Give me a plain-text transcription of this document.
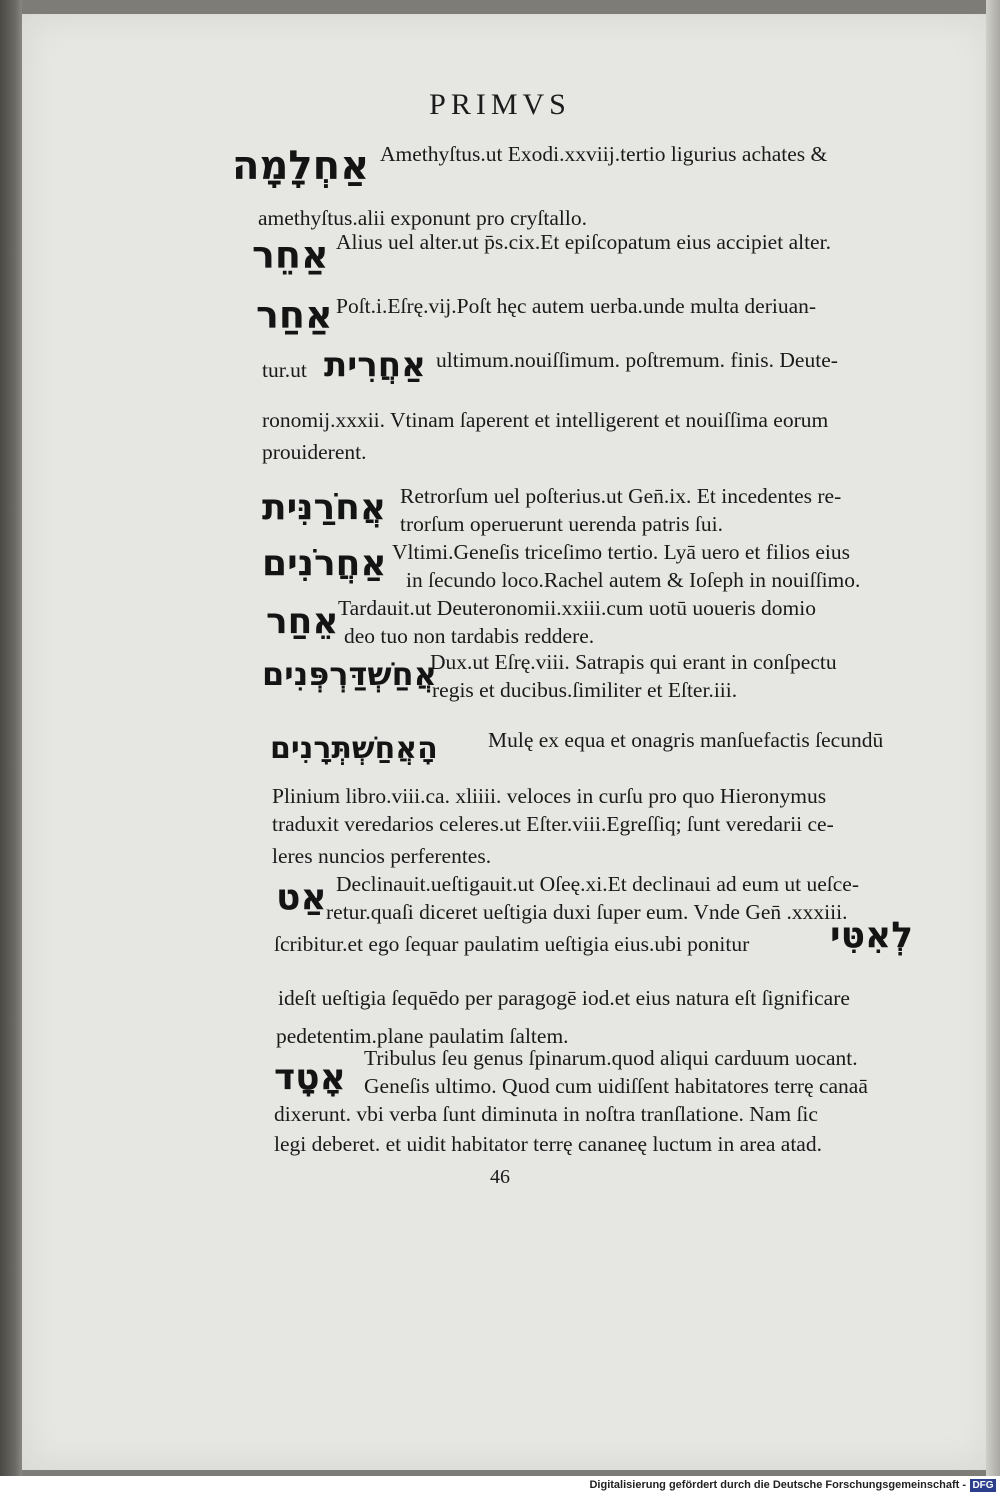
PRIMVS
אַחְלָמָה
אַחֵר
אַחַר
אַחֲרִית
אֲחֹרַנִּית
אַחֲרֹנִים
אֵחַר
אֲחַשְׁדַּרְפְּנִים
הָאֲחַשְׁתְּרָנִים
אַט
לְאִטִּי
אָטָד
Amethyſtus.ut Exodi.xxviij.tertio ligurius achates &
amethyſtus.alii exponunt pro cryſtallo.
Alius uel alter.ut p̄s.cix.Et epiſcopatum eius accipiet alter.
Poſt.i.Eſrę.vij.Poſt hęc autem uerba.unde multa deriuan-
tur.ut	ultimum.nouiſſimum. poſtremum. finis. Deute-
ronomij.xxxii. Vtinam ſaperent et intelligerent et nouiſſima eorum
prouiderent.
Retrorſum uel poſterius.ut Gen̄.ix. Et incedentes re-
trorſum operuerunt uerenda patris ſui.
Vltimi.Geneſis triceſimo tertio. Lyā uero et filios eius
in ſecundo loco.Rachel autem & Ioſeph in nouiſſimo.
Tardauit.ut Deuteronomii.xxiii.cum uotū uoueris domio
deo tuo non tardabis reddere.
Dux.ut Eſrę.viii. Satrapis qui erant in conſpectu
regis et ducibus.ſimiliter et Eſter.iii.
Mulę ex equa et onagris manſuefactis ſecundū
Plinium libro.viii.ca. xliiii. veloces in curſu pro quo Hieronymus
traduxit veredarios celeres.ut Eſter.viii.Egreſſiq; ſunt veredarii ce-
leres nuncios perferentes.
Declinauit.ueſtigauit.ut Oſeę.xi.Et declinaui ad eum ut ueſce-
retur.quaſi diceret ueſtigia duxi ſuper eum. Vnde Gen̄ .xxxiii.
ſcribitur.et ego ſequar paulatim ueſtigia eius.ubi ponitur
ideſt ueſtigia ſequēdo per paragogē iod.et eius natura eſt ſignificare
pedetentim.plane paulatim ſaltem.
Tribulus ſeu genus ſpinarum.quod aliqui carduum uocant.
Geneſis ultimo. Quod cum uidiſſent habitatores terrę canaā
dixerunt. vbi verba ſunt diminuta in noſtra tranſlatione. Nam ſic
legi deberet. et uidit habitator terrę cananeę luctum in area atad.
46
Digitalisierung gefördert durch die Deutsche Forschungsgemeinschaft - DFG
